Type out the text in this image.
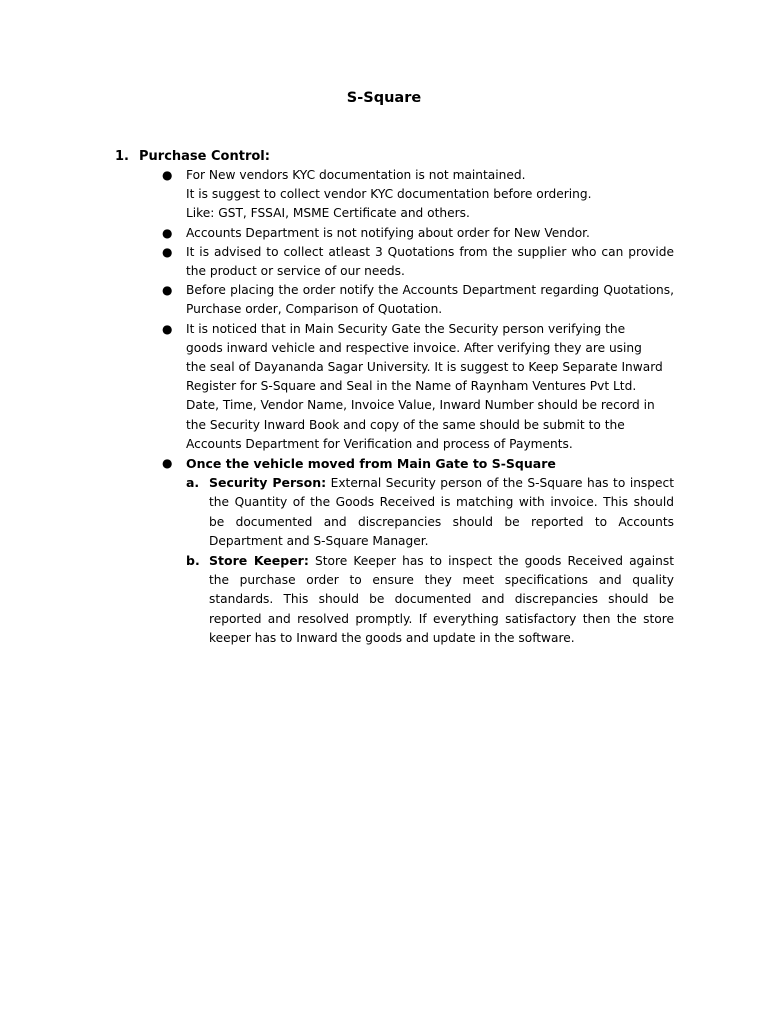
S-Square
1. Purchase Control:
● For New vendors KYC documentation is not maintained.
It is suggest to collect vendor KYC documentation before ordering.
Like: GST, FSSAI, MSME Certificate and others.
● Accounts Department is not notifying about order for New Vendor.
● It is advised to collect atleast 3 Quotations from the supplier who can provide the product or service of our needs.
● Before placing the order notify the Accounts Department regarding Quotations, Purchase order, Comparison of Quotation.
● It is noticed that in Main Security Gate the Security person verifying the
goods inward vehicle and respective invoice. After verifying they are using
the seal of Dayananda Sagar University. It is suggest to Keep Separate Inward
Register for S-Square and Seal in the Name of Raynham Ventures Pvt Ltd.
Date, Time, Vendor Name, Invoice Value, Inward Number should be record in
the Security Inward Book and copy of the same should be submit to the
Accounts Department for Verification and process of Payments.
● Once the vehicle moved from Main Gate to S-Square
a. Security Person: External Security person of the S-Square has to inspect the Quantity of the Goods Received is matching with invoice. This should be documented and discrepancies should be reported to Accounts Department and S-Square Manager.
b. Store Keeper: Store Keeper has to inspect the goods Received against the purchase order to ensure they meet specifications and quality standards. This should be documented and discrepancies should be reported and resolved promptly. If everything satisfactory then the store keeper has to Inward the goods and update in the software.
